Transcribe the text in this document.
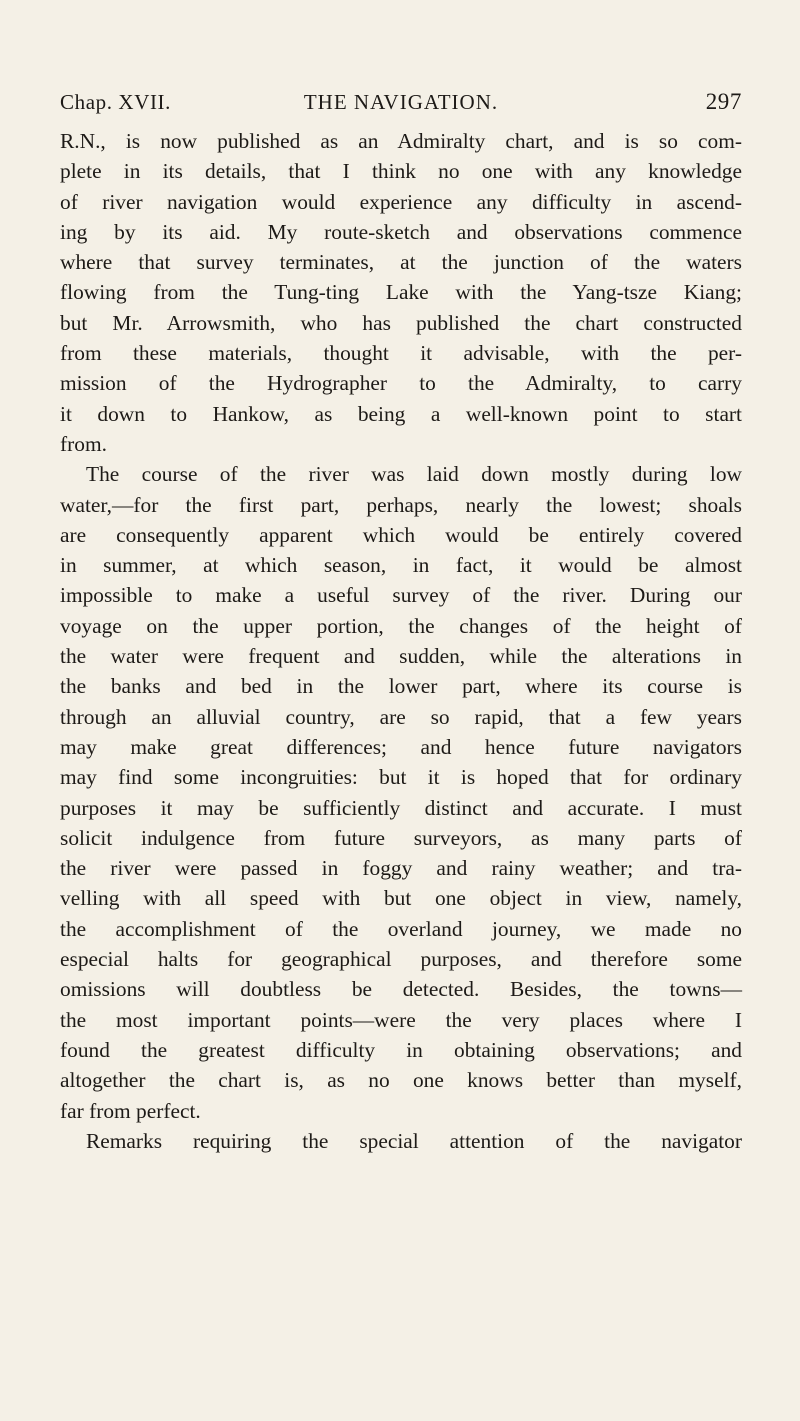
Chap. XVII.	THE NAVIGATION.	297
R.N., is now published as an Admiralty chart, and is so com-
plete in its details, that I think no one with any knowledge
of river navigation would experience any difficulty in ascend-
ing by its aid. My route-sketch and observations commence
where that survey terminates, at the junction of the waters
flowing from the Tung-ting Lake with the Yang-tsze Kiang;
but Mr. Arrowsmith, who has published the chart constructed
from these materials, thought it advisable, with the per-
mission of the Hydrographer to the Admiralty, to carry
it down to Hankow, as being a well-known point to start
from.
The course of the river was laid down mostly during low
water,—for the first part, perhaps, nearly the lowest; shoals
are consequently apparent which would be entirely covered
in summer, at which season, in fact, it would be almost
impossible to make a useful survey of the river. During our
voyage on the upper portion, the changes of the height of
the water were frequent and sudden, while the alterations in
the banks and bed in the lower part, where its course is
through an alluvial country, are so rapid, that a few years
may make great differences; and hence future navigators
may find some incongruities: but it is hoped that for ordinary
purposes it may be sufficiently distinct and accurate. I must
solicit indulgence from future surveyors, as many parts of
the river were passed in foggy and rainy weather; and tra-
velling with all speed with but one object in view, namely,
the accomplishment of the overland journey, we made no
especial halts for geographical purposes, and therefore some
omissions will doubtless be detected. Besides, the towns—
the most important points—were the very places where I
found the greatest difficulty in obtaining observations; and
altogether the chart is, as no one knows better than myself,
far from perfect.
Remarks requiring the special attention of the navigator
